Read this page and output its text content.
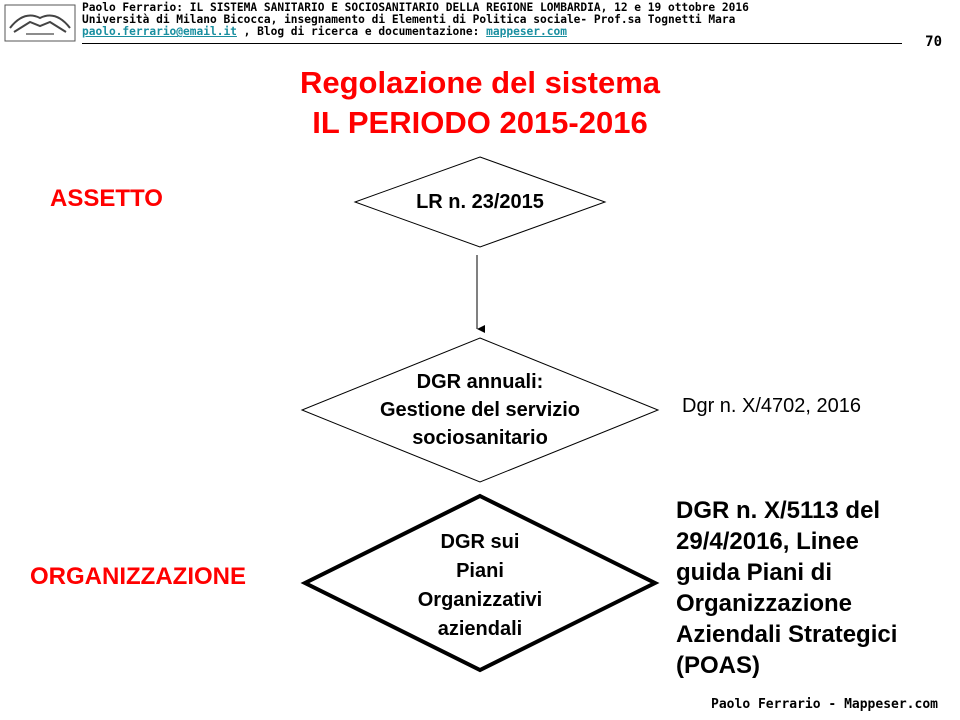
Paolo Ferrario: IL SISTEMA SANITARIO E SOCIOSANITARIO DELLA REGIONE LOMBARDIA, 12 e 19 ottobre 2016
Università di Milano Bicocca, insegnamento di Elementi di Politica sociale- Prof.sa Tognetti Mara
paolo.ferrario@email.it , Blog di ricerca e documentazione: mappeser.com
70
Regolazione del sistema
IL PERIODO 2015-2016
ASSETTO
ORGANIZZAZIONE
LR n. 23/2015
DGR annuali:
Gestione del servizio
sociosanitario
DGR sui
Piani
Organizzativi
aziendali
Dgr n. X/4702, 2016
DGR n. X/5113 del
29/4/2016, Linee
guida Piani di
Organizzazione
Aziendali Strategici
(POAS)
Paolo Ferrario - Mappeser.com
